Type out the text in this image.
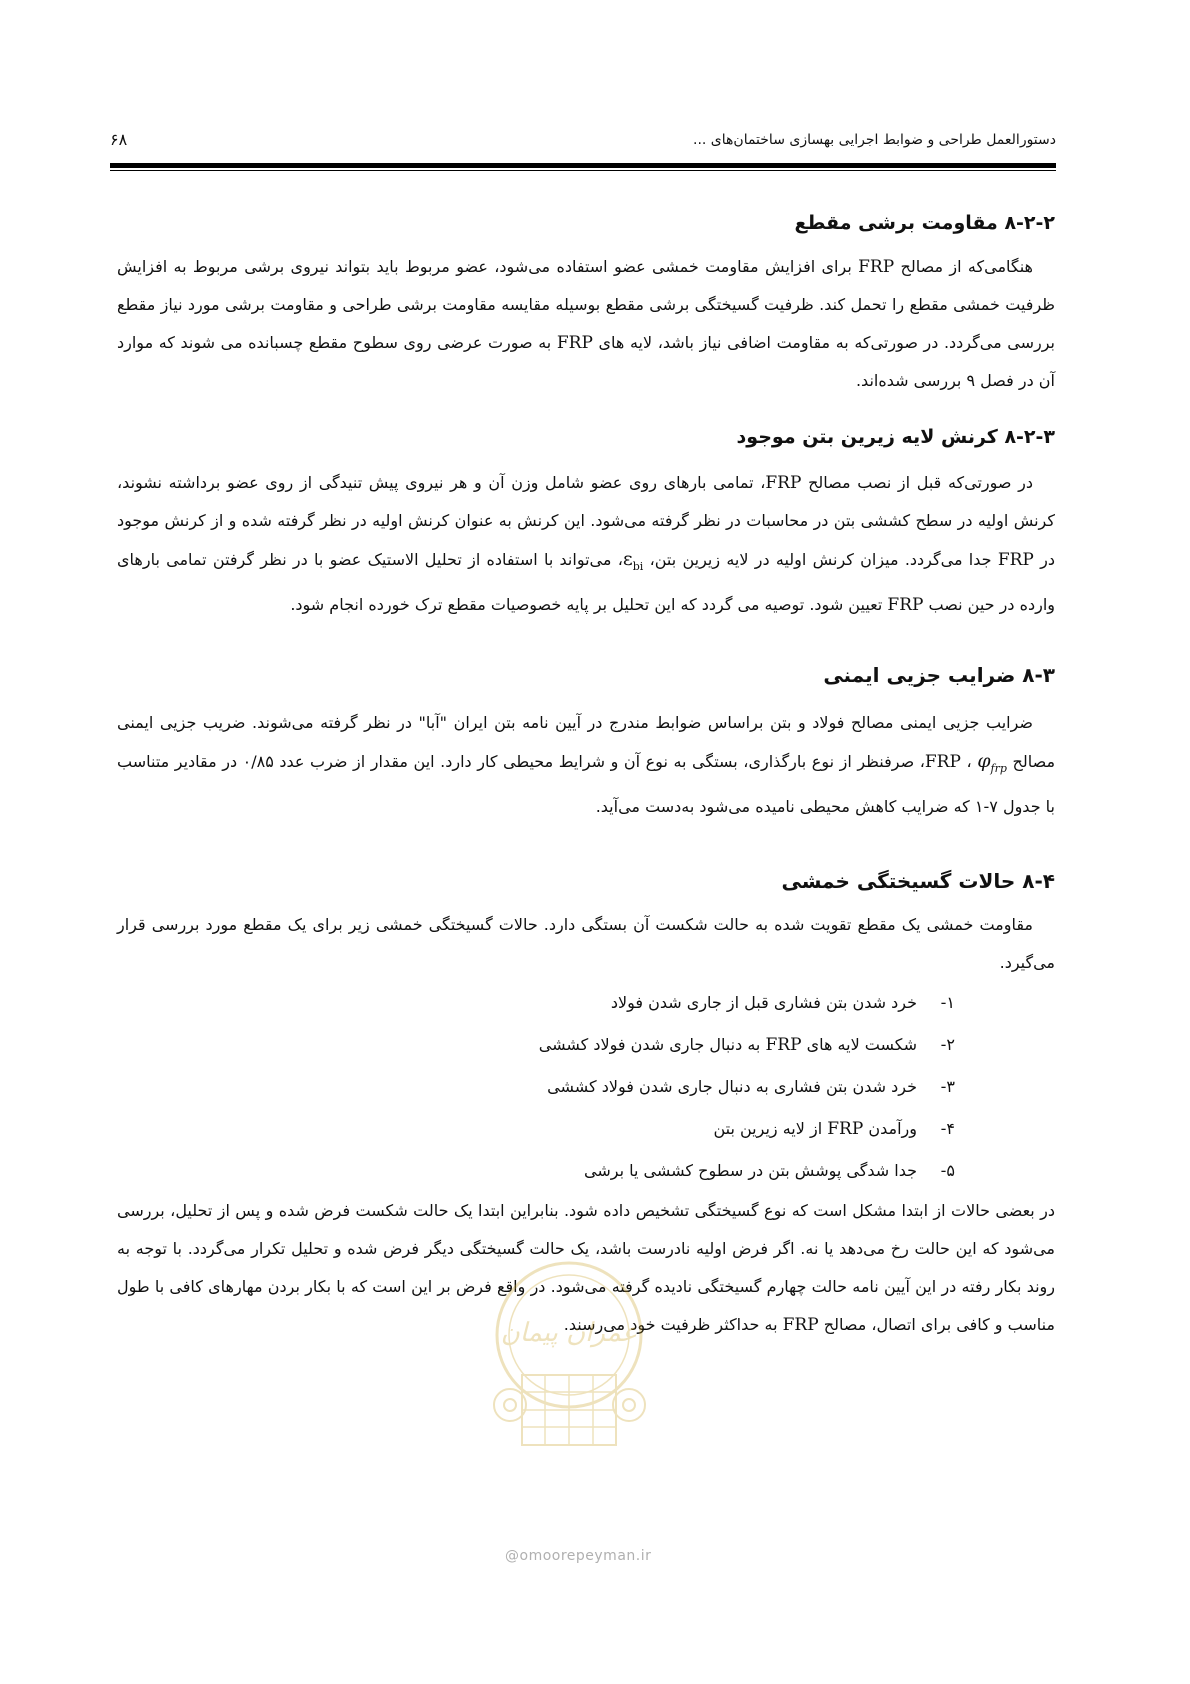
دستورالعمل طراحی و ضوابط اجرایی بهسازی ساختمان‌های ...
۶۸
۸-۲-۲ مقاومت برشی مقطع

هنگامی‌که از مصالح FRP برای افزایش مقاومت خمشی عضو استفاده می‌شود، عضو مربوط باید بتواند نیروی برشی مربوط به افزایش ظرفیت خمشی مقطع را تحمل کند. ظرفیت گسیختگی برشی مقطع بوسیله مقایسه مقاومت برشی طراحی و مقاومت برشی مورد نیاز مقطع بررسی می‌گردد. در صورتی‌که به مقاومت اضافی نیاز باشد، لایه های FRP به صورت عرضی روی سطوح مقطع چسبانده می شوند که موارد آن در فصل ۹ بررسی شده‌اند.

۸-۲-۳ کرنش لایه زیرین بتن موجود

در صورتی‌که قبل از نصب مصالح FRP، تمامی بارهای روی عضو شامل وزن آن و هر نیروی پیش تنیدگی از روی عضو برداشته نشوند، کرنش اولیه در سطح کششی بتن در محاسبات در نظر گرفته می‌شود. این کرنش به عنوان کرنش اولیه در نظر گرفته شده و از کرنش موجود در FRP جدا می‌گردد. میزان کرنش اولیه در لایه زیرین بتن، $\varepsilon_{bi}،$ می‌تواند با استفاده از تحلیل الاستیک عضو با در نظر گرفتن تمامی بارهای وارده در حین نصب FRP تعیین شود. توصیه می گردد که این تحلیل بر پایه خصوصیات مقطع ترک خورده انجام شود.

۸-۳ ضرایب جزیی ایمنی

ضرایب جزیی ایمنی مصالح فولاد و بتن براساس ضوابط مندرج در آیین نامه بتن ایران "آبا" در نظر گرفته می‌شوند. ضریب جزیی ایمنی مصالح FRP ، $\varphi_{frp}،$ صرفنظر از نوع بارگذاری، بستگی به نوع آن و شرایط محیطی کار دارد. این مقدار از ضرب عدد ۰/۸۵ در مقادیر متناسب با جدول ۷-۱ که ضرایب کاهش محیطی نامیده می‌شود به‌دست می‌آید.

۸-۴ حالات گسیختگی خمشی

مقاومت خمشی یک مقطع تقویت شده به حالت شکست آن بستگی دارد. حالات گسیختگی خمشی زیر برای یک مقطع مورد بررسی قرار می‌گیرد.

۱-خرد شدن بتن فشاری قبل از جاری شدن فولاد
۲-شکست لایه های FRP به دنبال جاری شدن فولاد کششی
۳-خرد شدن بتن فشاری به دنبال جاری شدن فولاد کششی
۴-ورآمدن FRP از لایه زیرین بتن
۵-جدا شدگی پوشش بتن در سطوح کششی یا برشی

در بعضی حالات از ابتدا مشکل است که نوع گسیختگی تشخیص داده شود. بنابراین ابتدا یک حالت شکست فرض شده و پس از تحلیل، بررسی می‌شود که این حالت رخ می‌دهد یا نه. اگر فرض اولیه نادرست باشد، یک حالت گسیختگی دیگر فرض شده و تحلیل تکرار می‌گردد. با توجه به روند بکار رفته در این آیین نامه حالت چهارم گسیختگی نادیده گرفته می‌شود. در واقع فرض بر این است که با بکار بردن مهارهای کافی با طول مناسب و کافی برای اتصال، مصالح FRP به حداکثر ظرفیت خود می‌رسند.

عمران پیمان
@omoorepeyman.ir
